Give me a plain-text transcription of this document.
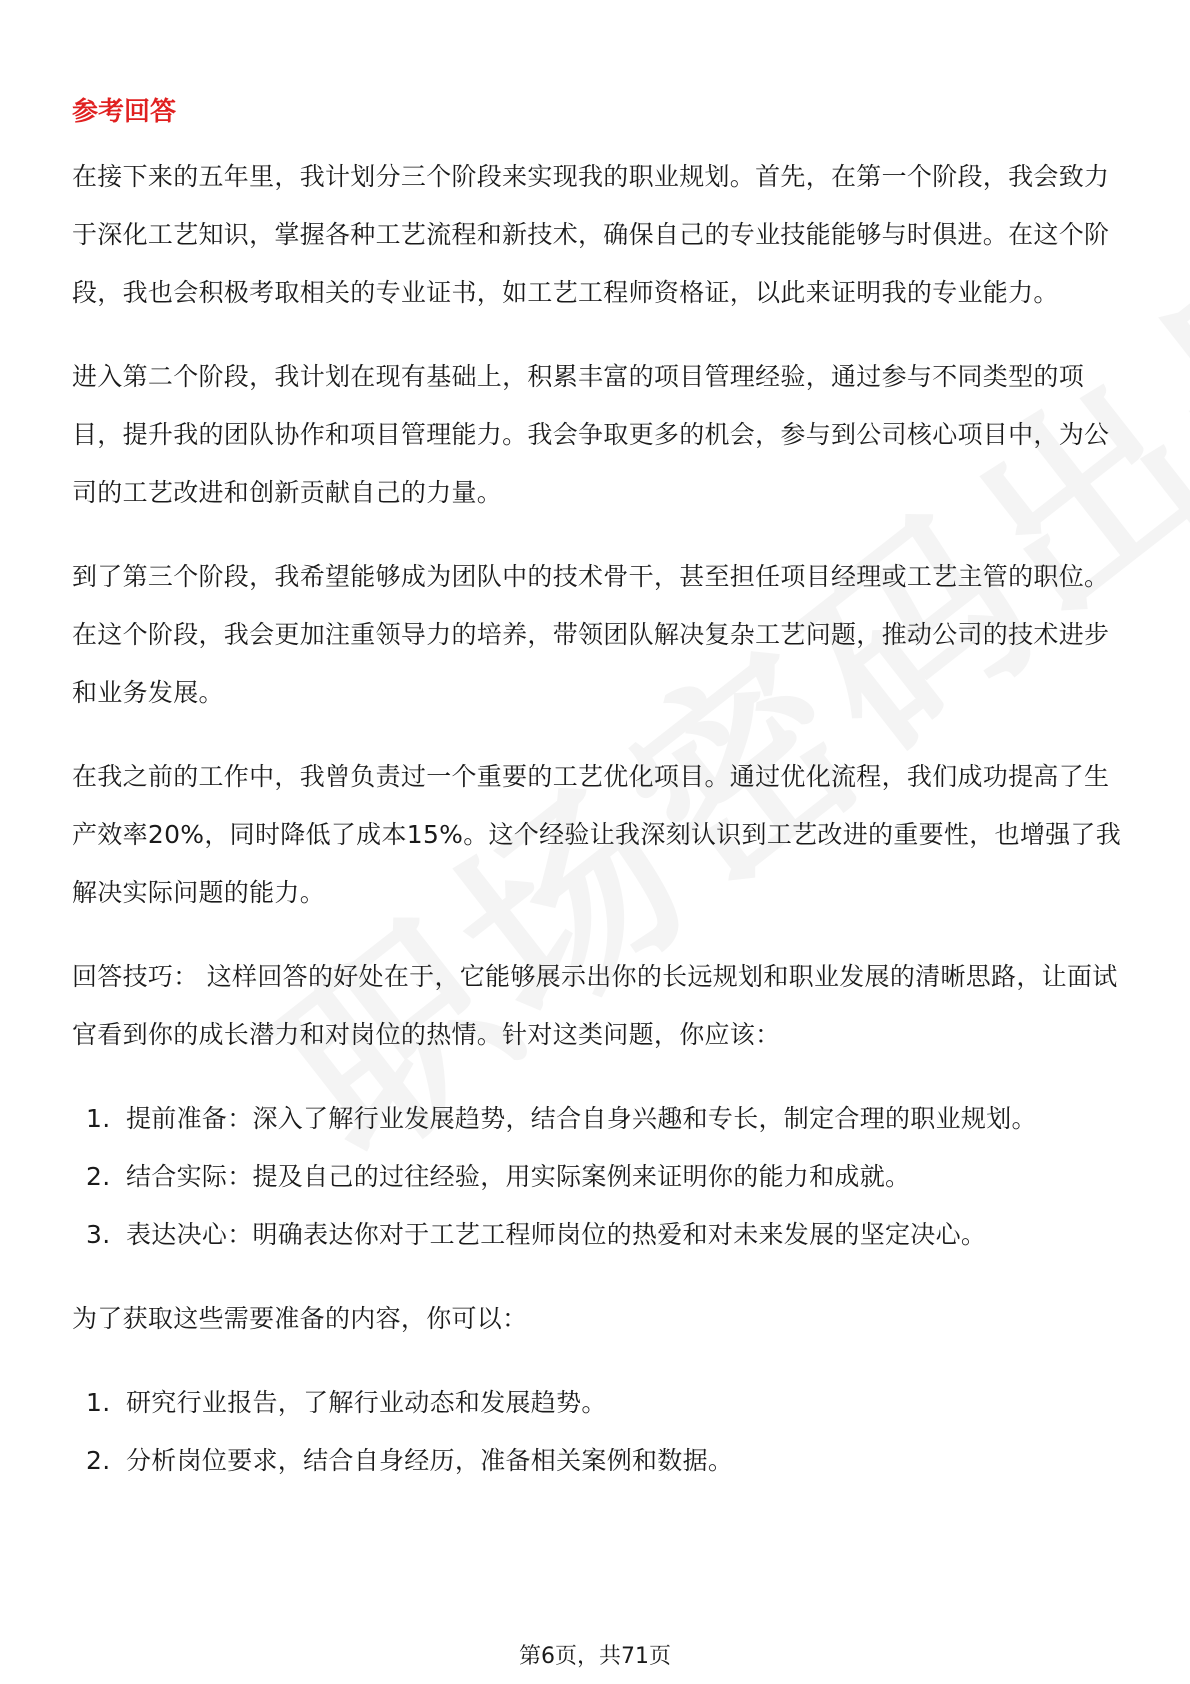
参考回答

在接下来的五年里，我计划分三个阶段来实现我的职业规划。首先，在第一个阶段，我会致力于深化工艺知识，掌握各种工艺流程和新技术，确保自己的专业技能能够与时俱进。在这个阶段，我也会积极考取相关的专业证书，如工艺工程师资格证，以此来证明我的专业能力。

进入第二个阶段，我计划在现有基础上，积累丰富的项目管理经验，通过参与不同类型的项目，提升我的团队协作和项目管理能力。我会争取更多的机会，参与到公司核心项目中，为公司的工艺改进和创新贡献自己的力量。

到了第三个阶段，我希望能够成为团队中的技术骨干，甚至担任项目经理或工艺主管的职位。在这个阶段，我会更加注重领导力的培养，带领团队解决复杂工艺问题，推动公司的技术进步和业务发展。

在我之前的工作中，我曾负责过一个重要的工艺优化项目。通过优化流程，我们成功提高了生产效率20%，同时降低了成本15%。这个经验让我深刻认识到工艺改进的重要性，也增强了我解决实际问题的能力。

回答技巧： 这样回答的好处在于，它能够展示出你的长远规划和职业发展的清晰思路，让面试官看到你的成长潜力和对岗位的热情。针对这类问题，你应该：

1. 提前准备：深入了解行业发展趋势，结合自身兴趣和专长，制定合理的职业规划。
2. 结合实际：提及自己的过往经验，用实际案例来证明你的能力和成就。
3. 表达决心：明确表达你对于工艺工程师岗位的热爱和对未来发展的坚定决心。

为了获取这些需要准备的内容，你可以：

1. 研究行业报告，了解行业动态和发展趋势。
2. 分析岗位要求，结合自身经历，准备相关案例和数据。
第6页，共71页
